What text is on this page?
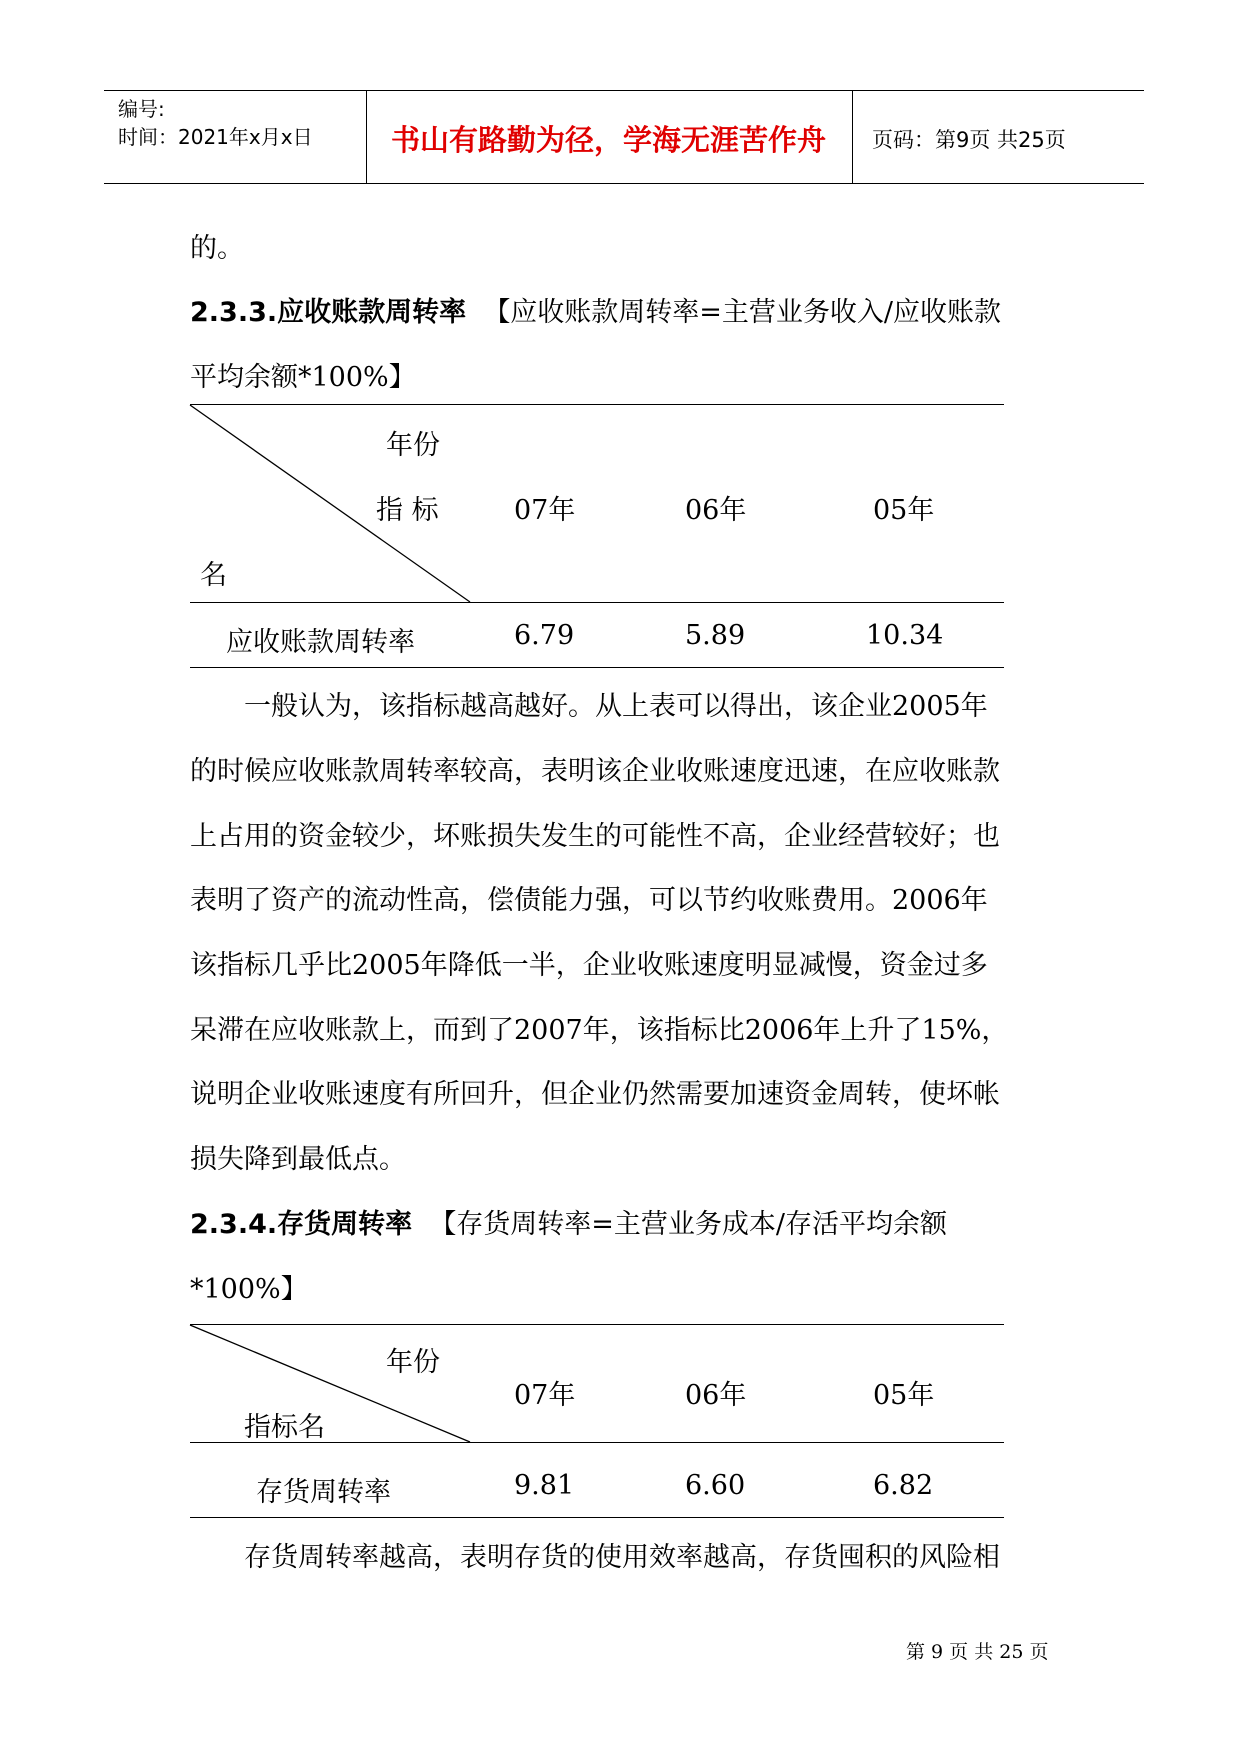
编号:
时间：2021年x月x日	书山有路勤为径，学海无涯苦作舟	页码：第9页 共25页
的。
2.3.3.应收账款周转率 【应收账款周转率=主营业务收入/应收账款
平均余额*100%】
年份
指 标
名
07年	06年	05年
应收账款周转率	6.79	5.89	10.34
一般认为，该指标越高越好。从上表可以得出，该企业2005年
的时候应收账款周转率较高，表明该企业收账速度迅速，在应收账款
上占用的资金较少，坏账损失发生的可能性不高，企业经营较好；也
表明了资产的流动性高，偿债能力强，可以节约收账费用。2006年
该指标几乎比2005年降低一半，企业收账速度明显减慢，资金过多
呆滞在应收账款上，而到了2007年，该指标比2006年上升了15%，
说明企业收账速度有所回升，但企业仍然需要加速资金周转，使坏帐
损失降到最低点。
2.3.4.存货周转率 【存货周转率=主营业务成本/存活平均余额
*100%】
年份
指标名
07年	06年	05年
存货周转率	9.81	6.60	6.82
存货周转率越高，表明存货的使用效率越高，存货囤积的风险相
第 9 页 共 25 页
